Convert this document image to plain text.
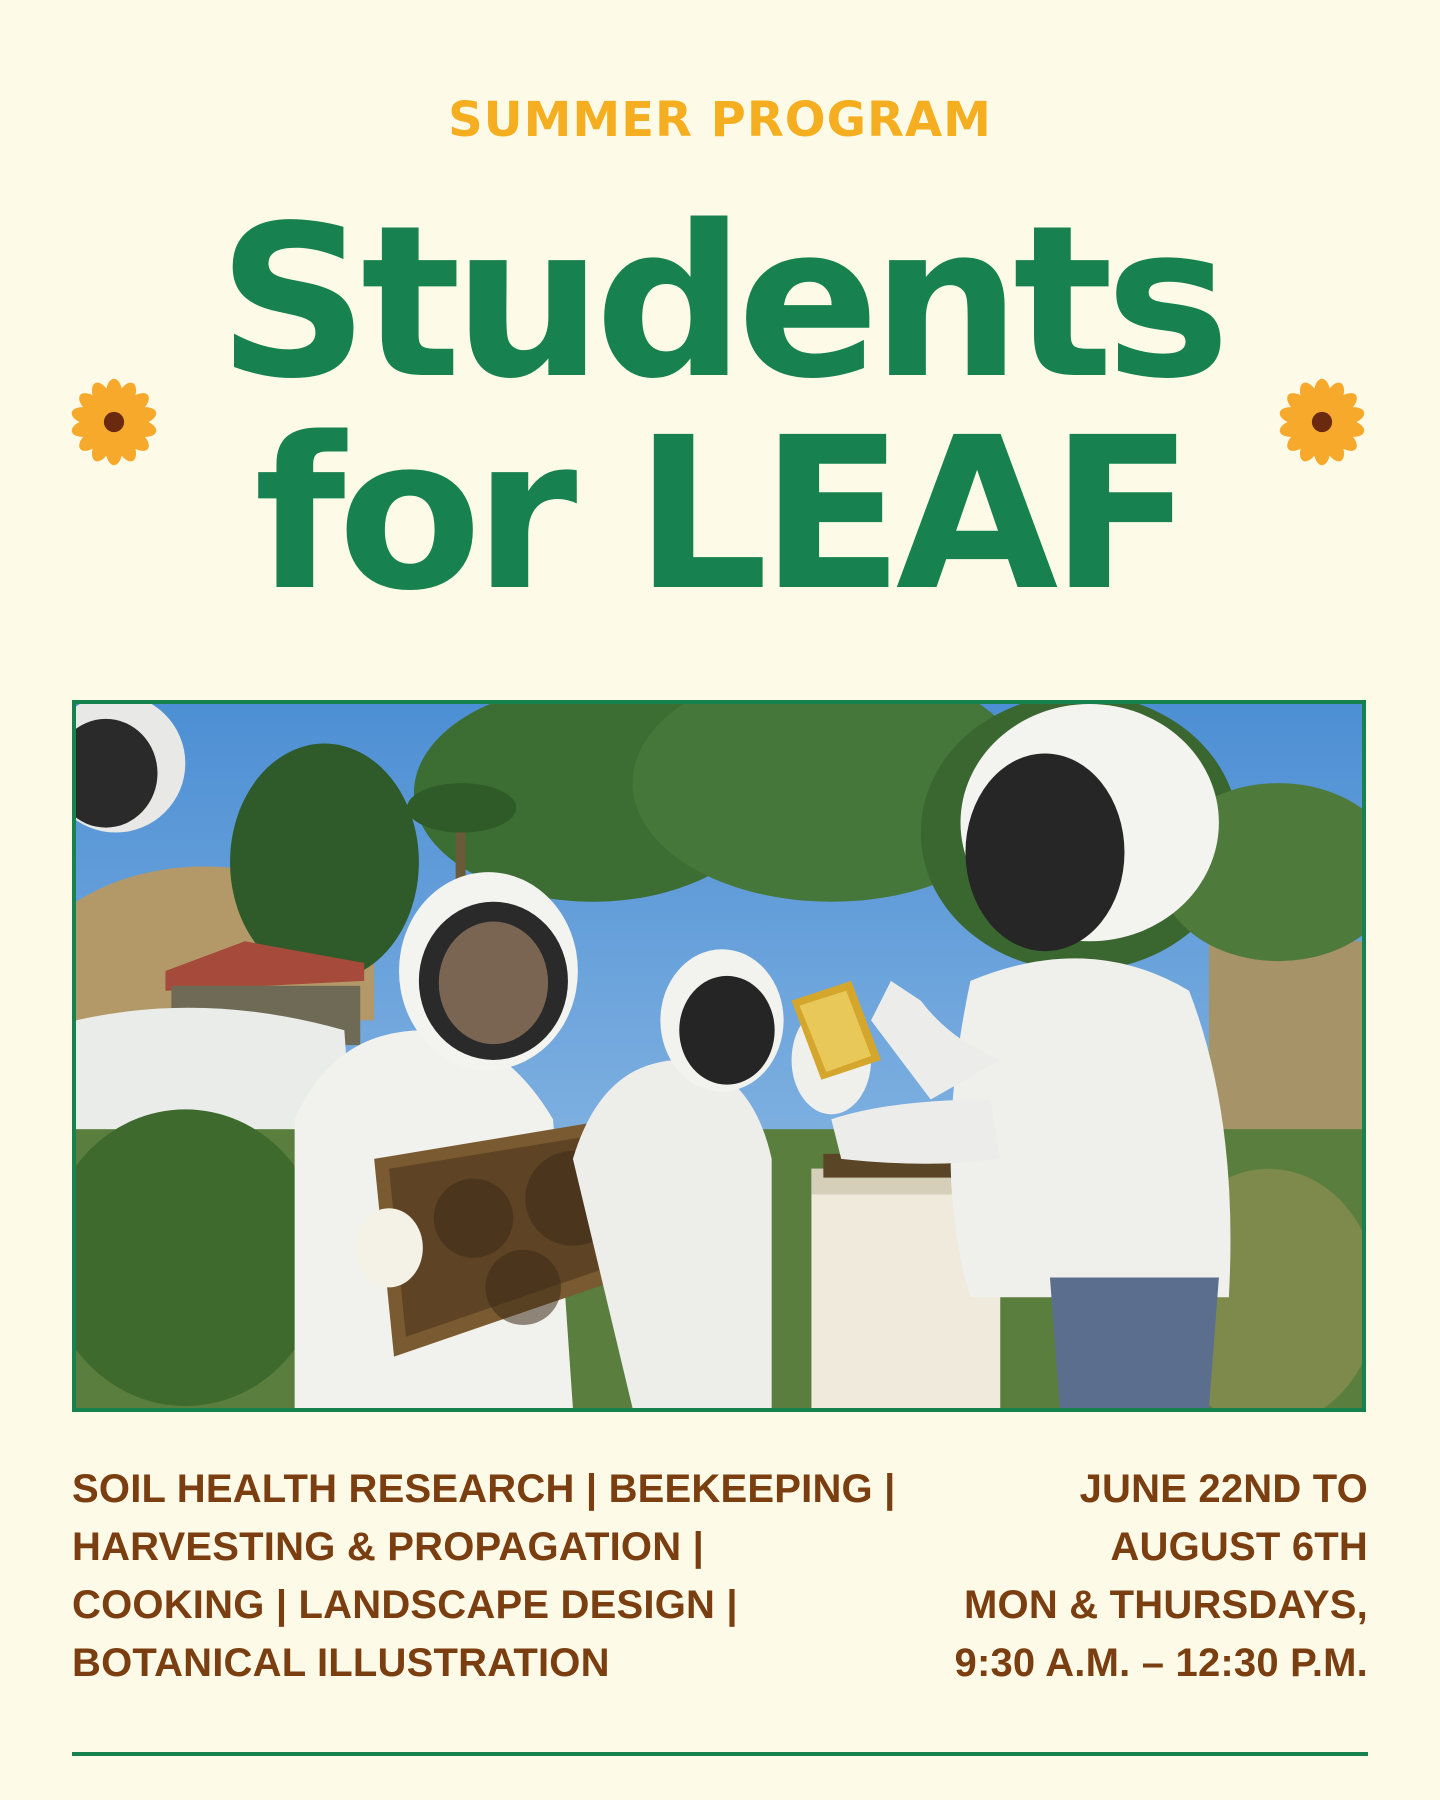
SUMMER PROGRAM
Students
for LEAF
SOIL HEALTH RESEARCH | BEEKEEPING |
HARVESTING & PROPAGATION |
COOKING | LANDSCAPE DESIGN |
BOTANICAL ILLUSTRATION
JUNE 22ND TO
AUGUST 6TH
MON & THURSDAYS,
9:30 A.M. – 12:30 P.M.
